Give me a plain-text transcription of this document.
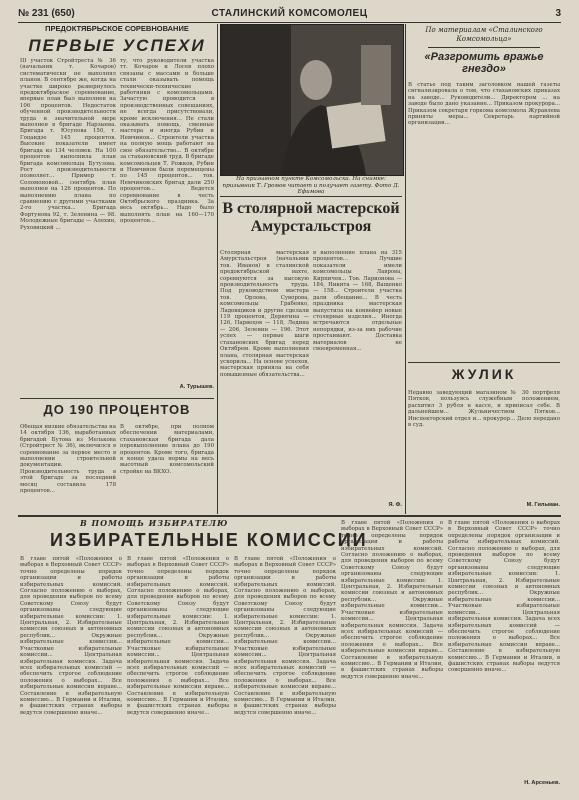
№ 231 (650)	СТАЛИНСКИЙ КОМСОМОЛЕЦ	3
ПРЕДОКТЯБРЬСКОЕ СОРЕВНОВАНИЕ
ПЕРВЫЕ УСПЕХИ
III участок Стройтреста № 36 (начальник т. Кочаров) систематически не выполнял планов. В сентябре же, когда на участке широко развернулось предоктябрьское соревнование, впервые план был выполнен на 106 процентов. Недостаток обученной производительности труда в значительной мере выполнен в бригаде Нарзыева. Бригада т. Юсупова 150, т. Гоцаидзе 145 процентов. Высокие показатели имеет бригада из 134 человек. На 100 процентов выполнила план бригада комсомольца Бутузова. Рост производительности позволяет... Пример т. Соломоновой... сентябрь план выполнен на 126 процентов. По выполнению плана по сравнению с другими участками 2-го участка... Бригада Фортунова 92, т. Зеленина — 98. Молодежные бригады — Алехин, Руховицкий ...
ту, что руководители участка тт. Кочаров и Лосев плохо связаны с массами и больше стали оказывать помощь технически-технические работники с комсомольцами. Зачастую проводится в производственных совещаниях, не всегда присутствовали, кроме исключения... Не стали оказывать помощь, сменные мастера и иногда Рубин и Немчинов... Строители участка на полную мощь работают на свое обязательство... В октябре за стахановский труд. В бригаде комсомольцев Т. Рожков, Рубин и Немчинов были перемещены по 145 процентов... тов. Немчиновских бригад дали 250 процентов... Ведется соревнование в честь Октябрьского праздника. За весь октябрь... Надо было выполнять план на 160—170 процентов...
А. Турышев.
ДО 190 ПРОЦЕНТОВ
Обещая низкие обязательства на 14 октября 136, выработанных бригадой Бутова из Мелькова (Стройтрест № 36), включился в соревнование за первое место в выполнении строительной документации. Производительность труда в этой бригаде за последний месяц составила 178 процентов...
В октябре, при полном обеспечении материалами, стахановская бригада дала перевыполнение плана до 190 процентов. Кроме того, бригада в конце удала нормы на весь высотный комсомольский стройке на ВКХО.
На призывном пункте Комсомольска. На снимке: призывник Т. Громов читает и получает газету. Фото Д. Ефимова
В столярной мастерской Амурстальстроя
Столярная мастерская Амурстальстроя (начальник тов. Иванов) в сталинской предоктябрьской вахте, соревнуются за высокую производительность труда. Под руководством мастера тов. Орлова, Суворова, комсомольцы Грабенко, Ладовщиков и другие сделали 119 процентов, Дерюгина — 126, Парвецов — 118, Ледина — 206, Зеленин — 196. Этот успех — первые шаги стахановских бригад перед Октябрем. Кроме выполнения плана, столярная мастерская ускорила... На основе успехов, мастерская приняла на себя повышенные обязательства...
в выполнение плана на 315 процентов... Лучшие показатели имели комсомольцы Лаврова, Кирпичев... Тов. Ларионова — 184, Никита — 168, Ващенко — 158... Строители участка дали обещание... В честь праздника мастерская выпустила на конвейер новые столярные изделия... Иногда встречаются отдельные непорядки, из-за них рабочие простаивают. Доставка материалов не своевременная...
Я. Ф.
По материалам «Сталинского Комсомольца»
«Разгромить вражье гнездо»
В статье под таким заголовком нашей газеты сигнализировала о том, что стахановских приказах на заводе... Руководители... Директором ... на заводе было дано указание... Приказом прокурора... Приказом секретаря горкома комсомола Журавлева приняты меры... Секретарь партийной организации...
ЖУЛИК
Недавно заведующий магазином № 30 портфеля Пятков, пользуясь служебным положением, расхитил 3 рубля в кассе, и приписал себе. В дальнейшем... Жульничеством Пятков... Инспекторский отдел и... прокурор... Дело передано в суд.
М. Гильман.
В ПОМОЩЬ ИЗБИРАТЕЛЮ
ИЗБИРАТЕЛЬНЫЕ КОМИССИИ
В главе пятой «Положения о выборах в Верховный Совет СССР» точно определены порядок организации и работы избирательных комиссий. Согласно положению о выборах, для проведения выборов по всему Советскому Союзу будут организованы следующие избирательные комиссии: 1. Центральная, 2. Избирательные комиссии союзных и автономных республик... Окружные избирательные комиссии... Участковые избирательные комиссии... Центральная избирательная комиссия. Задача всех избирательных комиссий — обеспечить строгое соблюдение положения о выборах... Все избирательные комиссии вправе... Составление в избирательную комиссию... В Германии и Италии, в фашистских странах выборы ведутся совершенно иначе...
В главе пятой «Положения о выборах в Верховный Совет СССР» точно определены порядок организации и работы избирательных комиссий. Согласно положению о выборах, для проведения выборов по всему Советскому Союзу будут организованы следующие избирательные комиссии: 1. Центральная, 2. Избирательные комиссии союзных и автономных республик... Окружные избирательные комиссии... Участковые избирательные комиссии... Центральная избирательная комиссия. Задача всех избирательных комиссий — обеспечить строгое соблюдение положения о выборах... Все избирательные комиссии вправе... Составление в избирательную комиссию... В Германии и Италии, в фашистских странах выборы ведутся совершенно иначе...
В главе пятой «Положения о выборах в Верховный Совет СССР» точно определены порядок организации и работы избирательных комиссий. Согласно положению о выборах, для проведения выборов по всему Советскому Союзу будут организованы следующие избирательные комиссии: 1. Центральная, 2. Избирательные комиссии союзных и автономных республик... Окружные избирательные комиссии... Участковые избирательные комиссии... Центральная избирательная комиссия. Задача всех избирательных комиссий — обеспечить строгое соблюдение положения о выборах... Все избирательные комиссии вправе... Составление в избирательную комиссию... В Германии и Италии, в фашистских странах выборы ведутся совершенно иначе...
В главе пятой «Положения о выборах в Верховный Совет СССР» точно определены порядок организации и работы избирательных комиссий. Согласно положению о выборах, для проведения выборов по всему Советскому Союзу будут организованы следующие избирательные комиссии: 1. Центральная, 2. Избирательные комиссии союзных и автономных республик... Окружные избирательные комиссии... Участковые избирательные комиссии... Центральная избирательная комиссия. Задача всех избирательных комиссий — обеспечить строгое соблюдение положения о выборах... Все избирательные комиссии вправе... Составление в избирательную комиссию... В Германии и Италии, в фашистских странах выборы ведутся совершенно иначе...
В главе пятой «Положения о выборах в Верховный Совет СССР» точно определены порядок организации и работы избирательных комиссий. Согласно положению о выборах, для проведения выборов по всему Советскому Союзу будут организованы следующие избирательные комиссии: 1. Центральная, 2. Избирательные комиссии союзных и автономных республик... Окружные избирательные комиссии... Участковые избирательные комиссии... Центральная избирательная комиссия. Задача всех избирательных комиссий — обеспечить строгое соблюдение положения о выборах... Все избирательные комиссии вправе... Составление в избирательную комиссию... В Германии и Италии, в фашистских странах выборы ведутся совершенно иначе...
Н. Арсеньев.
